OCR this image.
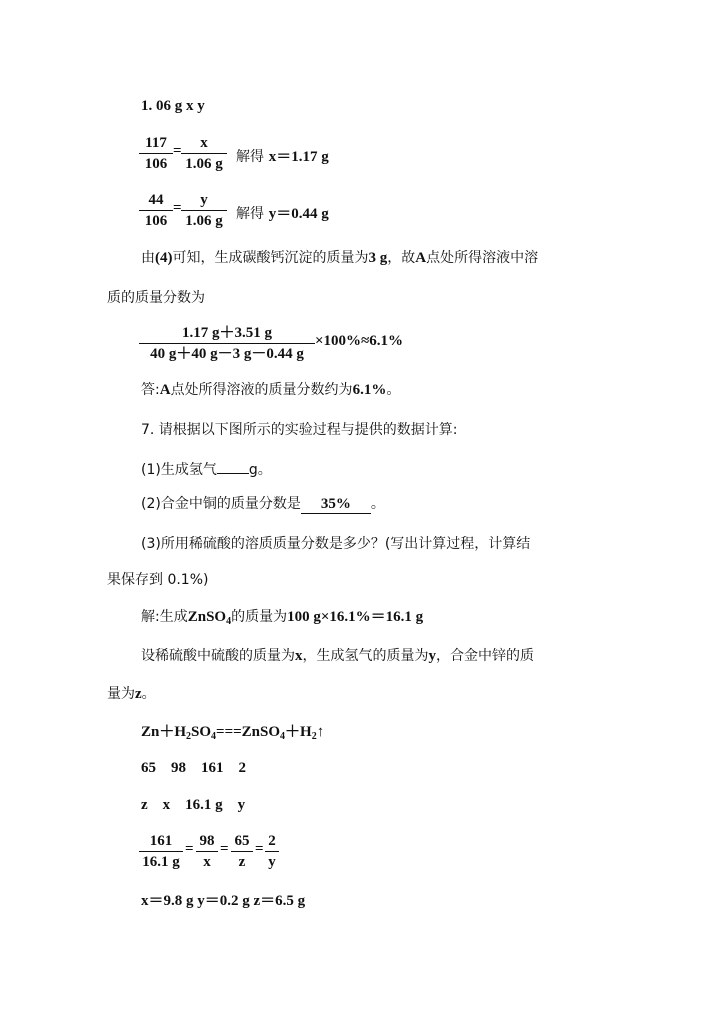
1. 06 g x y
117
106
=	x
1.06 g 解得 x＝1.17 g
44
106
=	y
1.06 g 解得 y＝0.44 g
由(4)可知，生成碳酸钙沉淀的质量为3 g，故A点处所得溶液中溶
质的质量分数为
1.17 g＋3.51 g
40 g＋40 g－3 g－0.44 g
×100%≈6.1%
答:A点处所得溶液的质量分数约为6.1%。
7. 请根据以下图所示的实验过程与提供的数据计算:
(1)生成氢气 g。
(2)合金中铜的质量分数是 35% 。
(3)所用稀硫酸的溶质质量分数是多少？(写出计算过程，计算结
果保存到 0.1%)
解:生成ZnSO$_4$的质量为100 g×16.1%＝16.1 g
设稀硫酸中硫酸的质量为x，生成氢气的质量为y，合金中锌的质
量为z。
$Zn+H_2SO_4===ZnSO_4+H_2↑$
65    98    161    2
z    x    16.1 g    y
161
16.1 g
= 98
x
= 65
z
= 2
y
x＝9.8 g y＝0.2 g z＝6.5 g
